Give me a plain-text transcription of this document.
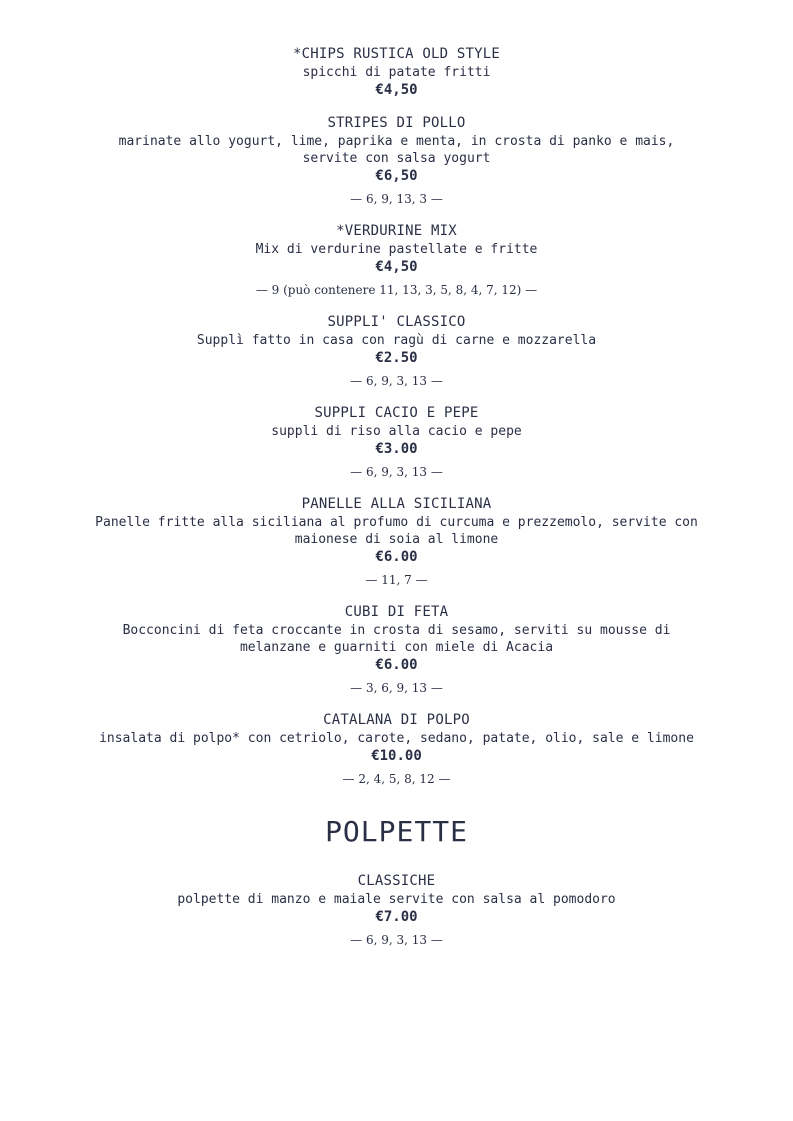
*CHIPS RUSTICA OLD STYLE
spicchi di patate fritti
€4,50
STRIPES DI POLLO
marinate allo yogurt, lime, paprika e menta, in crosta di panko e mais, servite con salsa yogurt
€6,50
— 6, 9, 13, 3 —
*VERDURINE MIX
Mix di verdurine pastellate e fritte
€4,50
— 9 (può contenere 11, 13, 3, 5, 8, 4, 7, 12) —
SUPPLI' CLASSICO
Supplì fatto in casa con ragù di carne e mozzarella
€2.50
— 6, 9, 3, 13 —
SUPPLI CACIO E PEPE
suppli di riso alla cacio e pepe
€3.00
— 6, 9, 3, 13 —
PANELLE ALLA SICILIANA
Panelle fritte alla siciliana al profumo di curcuma e prezzemolo, servite con maionese di soia al limone
€6.00
— 11, 7 —
CUBI DI FETA
Bocconcini di feta croccante in crosta di sesamo, serviti su mousse di melanzane e guarniti con miele di Acacia
€6.00
— 3, 6, 9, 13 —
CATALANA DI POLPO
insalata di polpo* con cetriolo, carote, sedano, patate, olio, sale e limone
€10.00
— 2, 4, 5, 8, 12 —
POLPETTE
CLASSICHE
polpette di manzo e maiale servite con salsa al pomodoro
€7.00
— 6, 9, 3, 13 —
